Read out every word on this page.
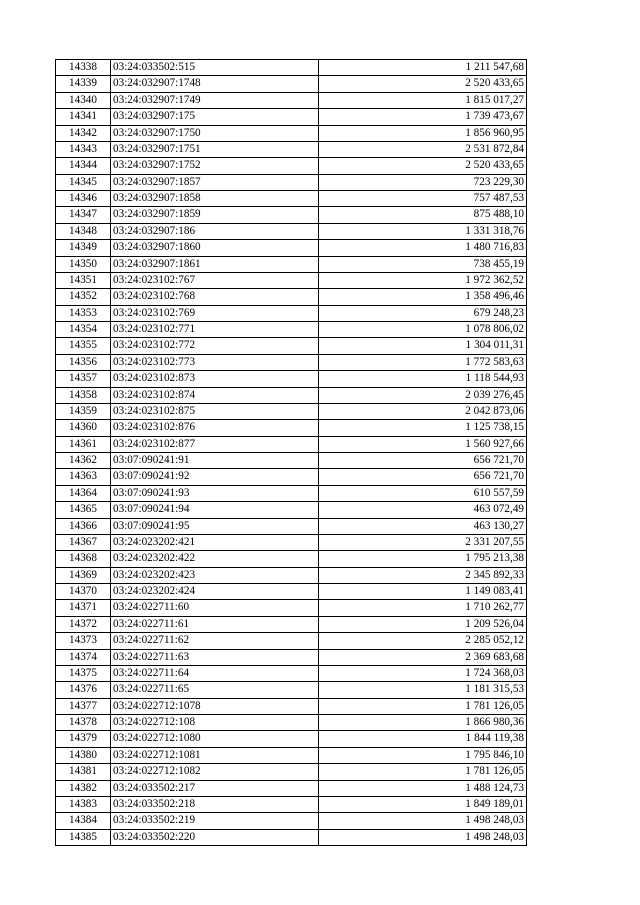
14338	03:24:033502:515	1 211 547,68
14339	03:24:032907:1748	2 520 433,65
14340	03:24:032907:1749	1 815 017,27
14341	03:24:032907:175	1 739 473,67
14342	03:24:032907:1750	1 856 960,95
14343	03:24:032907:1751	2 531 872,84
14344	03:24:032907:1752	2 520 433,65
14345	03:24:032907:1857	723 229,30
14346	03:24:032907:1858	757 487,53
14347	03:24:032907:1859	875 488,10
14348	03:24:032907:186	1 331 318,76
14349	03:24:032907:1860	1 480 716,83
14350	03:24:032907:1861	738 455,19
14351	03:24:023102:767	1 972 362,52
14352	03:24:023102:768	1 358 496,46
14353	03:24:023102:769	679 248,23
14354	03:24:023102:771	1 078 806,02
14355	03:24:023102:772	1 304 011,31
14356	03:24:023102:773	1 772 583,63
14357	03:24:023102:873	1 118 544,93
14358	03:24:023102:874	2 039 276,45
14359	03:24:023102:875	2 042 873,06
14360	03:24:023102:876	1 125 738,15
14361	03:24:023102:877	1 560 927,66
14362	03:07:090241:91	656 721,70
14363	03:07:090241:92	656 721,70
14364	03:07:090241:93	610 557,59
14365	03:07:090241:94	463 072,49
14366	03:07:090241:95	463 130,27
14367	03:24:023202:421	2 331 207,55
14368	03:24:023202:422	1 795 213,38
14369	03:24:023202:423	2 345 892,33
14370	03:24:023202:424	1 149 083,41
14371	03:24:022711:60	1 710 262,77
14372	03:24:022711:61	1 209 526,04
14373	03:24:022711:62	2 285 052,12
14374	03:24:022711:63	2 369 683,68
14375	03:24:022711:64	1 724 368,03
14376	03:24:022711:65	1 181 315,53
14377	03:24:022712:1078	1 781 126,05
14378	03:24:022712:108	1 866 980,36
14379	03:24:022712:1080	1 844 119,38
14380	03:24:022712:1081	1 795 846,10
14381	03:24:022712:1082	1 781 126,05
14382	03:24:033502:217	1 488 124,73
14383	03:24:033502:218	1 849 189,01
14384	03:24:033502:219	1 498 248,03
14385	03:24:033502:220	1 498 248,03
